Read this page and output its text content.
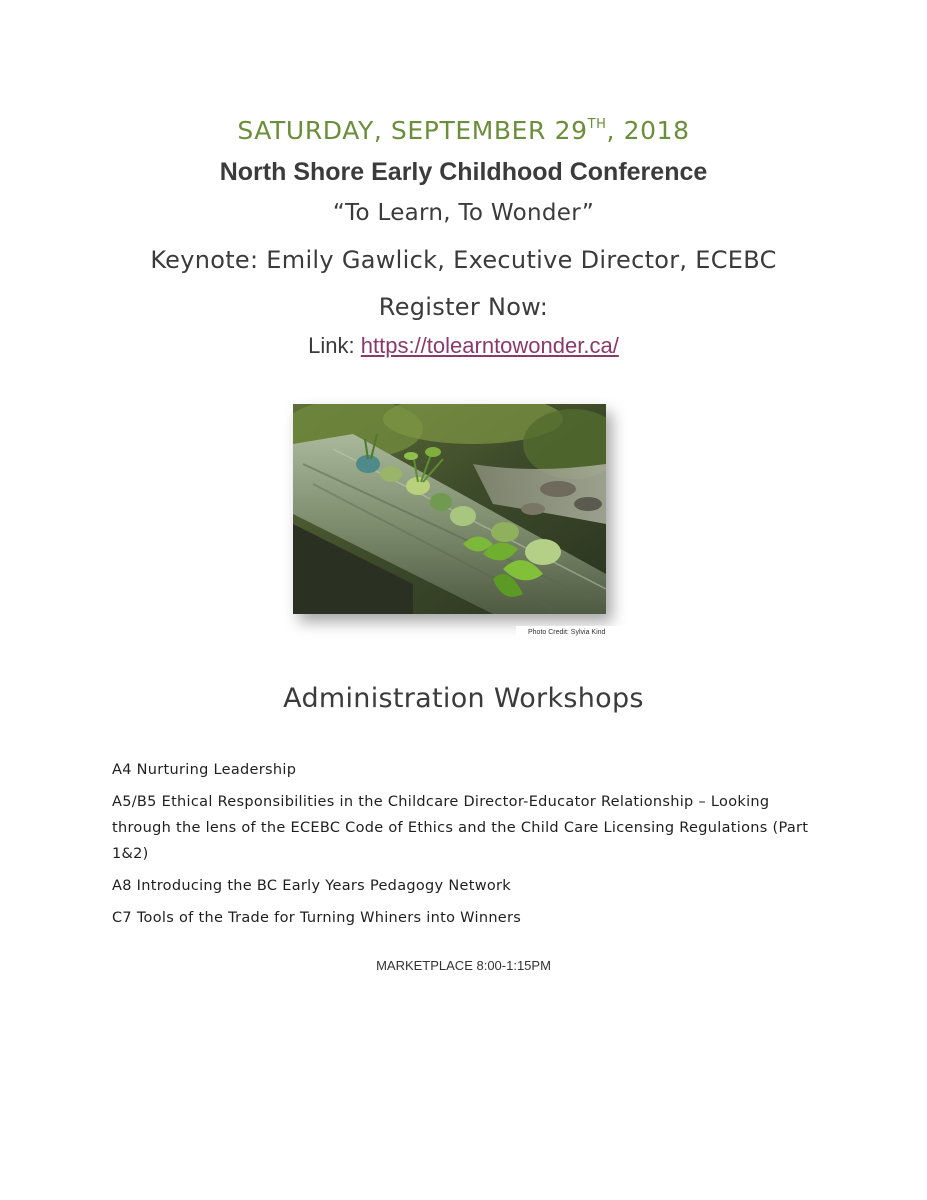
SATURDAY, SEPTEMBER 29TH, 2018
North Shore Early Childhood Conference
“To Learn, To Wonder”
Keynote: Emily Gawlick, Executive Director, ECEBC
Register Now:
Link: https://tolearntowonder.ca/
Photo Credit: Sylvia Kind
Administration Workshops
A4 Nurturing Leadership
A5/B5 Ethical Responsibilities in the Childcare Director-Educator Relationship – Looking through the lens of the ECEBC Code of Ethics and the Child Care Licensing Regulations (Part 1&2)
A8 Introducing the BC Early Years Pedagogy Network
C7 Tools of the Trade for Turning Whiners into Winners
MARKETPLACE 8:00-1:15PM
